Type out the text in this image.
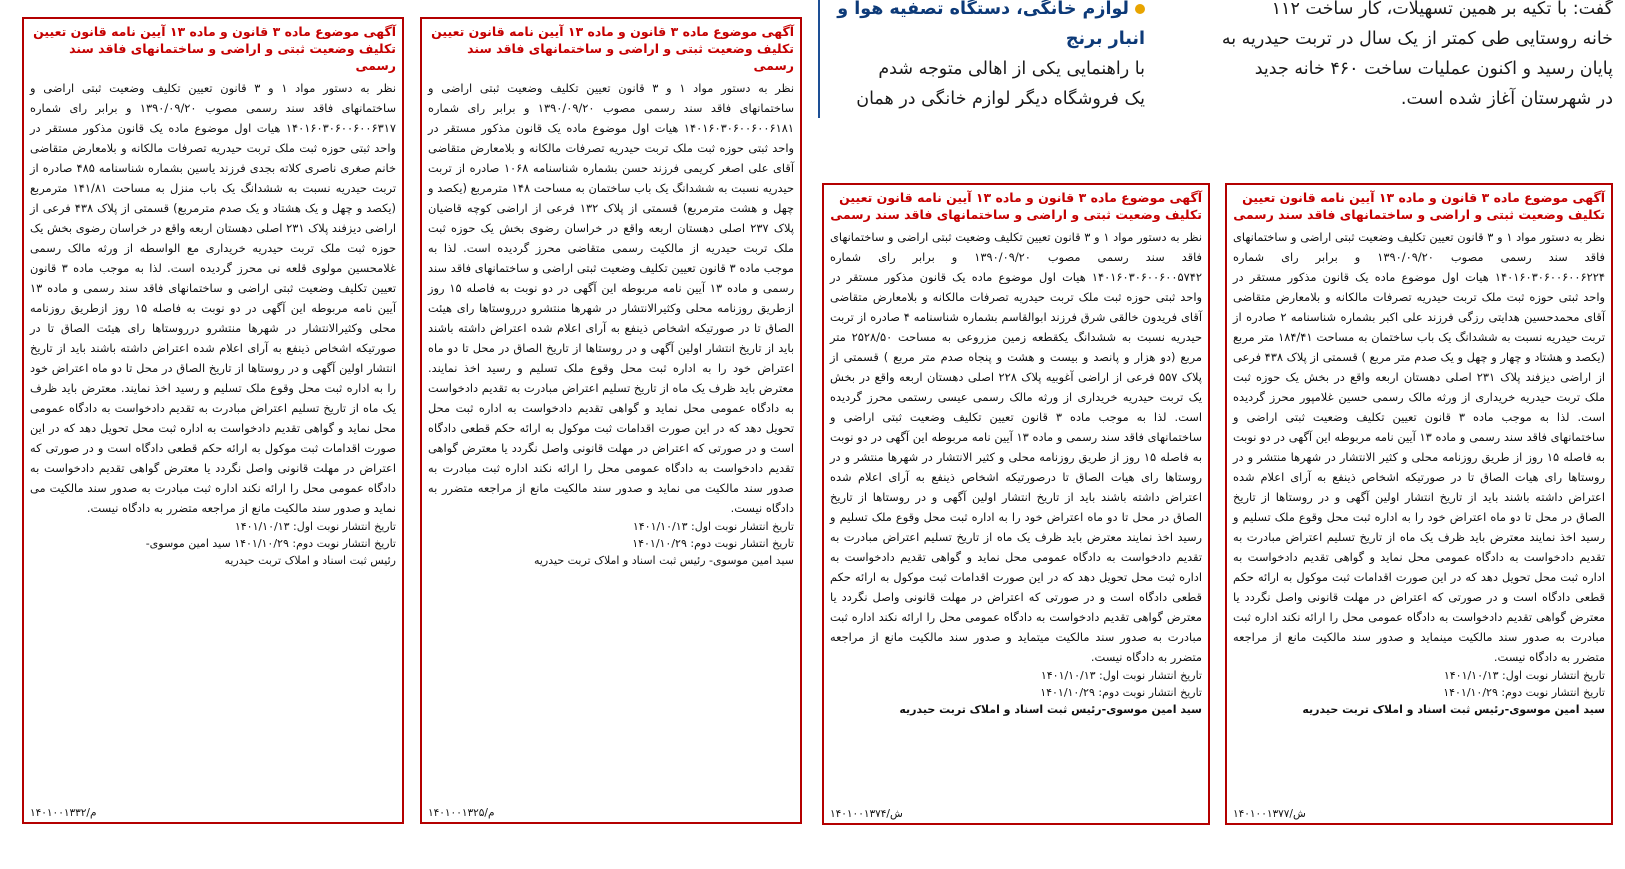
گفت: با تکیه بر همین تسهیلات، کار ساخت ۱۱۲
خانه روستایی طی کمتر از یک سال در تربت حیدریه به
پایان رسید و اکنون عملیات ساخت ۴۶۰ خانه جدید
در شهرستان آغاز شده است.
لوازم خانگی، دستگاه تصفیه هوا و
انبار برنج
با راهنمایی یکی از اهالی متوجه شدم
یک فروشگاه دیگر لوازم خانگی در همان
آگهی موضوع ماده ۳ قانون و ماده ۱۳ آیین نامه قانون تعیین تکلیف وضعیت ثبتی و اراضی و ساختمانهای فاقد سند رسمی
نظر به دستور مواد ۱ و ۳ قانون تعیین تکلیف وضعیت ثبتی اراضی و ساختمانهای فاقد سند رسمی مصوب ۱۳۹۰/۰۹/۲۰ و برابر رای شماره ۱۴۰۱۶۰۳۰۶۰۰۶۰۰۶۲۲۴ هیات اول موضوع ماده یک قانون مذکور مستقر در واحد ثبتی حوزه ثبت ملک تربت حیدریه تصرفات مالکانه و بلامعارض متقاضی آقای محمدحسین هدایتی رزگی فرزند علی اکبر بشماره شناسنامه ۲ صادره از تربت حیدریه نسبت به ششدانگ یک باب ساختمان به مساحت ۱۸۴/۴۱ متر مربع (یکصد و هشتاد و چهار و چهل و یک صدم متر مربع ) قسمتی از پلاک ۴۳۸ فرعی از اراضی دیزفند پلاک ۲۳۱ اصلی دهستان اربعه واقع در بخش یک حوزه ثبت ملک تربت حیدریه خریداری از ورثه مالک رسمی حسین غلامپور محرز گردیده است. لذا به موجب ماده ۳ قانون تعیین تکلیف وضعیت ثبتی اراضی و ساختمانهای فاقد سند رسمی و ماده ۱۳ آیین نامه مربوطه این آگهی در دو نوبت به فاصله ۱۵ روز از طریق روزنامه محلی و کثیر الانتشار در شهرها منتشر و در روستاها رای هیات الصاق تا در صورتیکه اشخاص ذینفع به آرای اعلام شده اعتراض داشته باشند باید از تاریخ انتشار اولین آگهی و در روستاها از تاریخ الصاق در محل تا دو ماه اعتراض خود را به اداره ثبت محل وقوع ملک تسلیم و رسید اخذ نمایند معترض باید ظرف یک ماه از تاریخ تسلیم اعتراض مبادرت به تقدیم دادخواست به دادگاه عمومی محل نماید و گواهی تقدیم دادخواست به اداره ثبت محل تحویل دهد که در این صورت اقدامات ثبت موکول به ارائه حکم قطعی دادگاه است و در صورتی که اعتراض در مهلت قانونی واصل نگردد یا معترض گواهی تقدیم دادخواست به دادگاه عمومی محل را ارائه نکند اداره ثبت مبادرت به صدور سند مالکیت مینماید و صدور سند مالکیت مانع از مراجعه متضرر به دادگاه نیست.
تاریخ انتشار نوبت اول: ۱۴۰۱/۱۰/۱۳
تاریخ انتشار نوبت دوم: ۱۴۰۱/۱۰/۲۹
سید امین موسوی-رئیس ثبت اسناد و املاک تربت حیدریه
۱۴۰۱۰۰۱۳۷۷/ش
آگهی موضوع ماده ۳ قانون و ماده ۱۳ آیین نامه قانون تعیین تکلیف وضعیت ثبتی و اراضی و ساختمانهای فاقد سند رسمی
نظر به دستور مواد ۱ و ۳ قانون تعیین تکلیف وضعیت ثبتی اراضی و ساختمانهای فاقد سند رسمی مصوب ۱۳۹۰/۰۹/۲۰ و برابر رای شماره ۱۴۰۱۶۰۳۰۶۰۰۶۰۰۵۷۴۲ هیات اول موضوع ماده یک قانون مذکور مستقر در واحد ثبتی حوزه ثبت ملک تربت حیدریه تصرفات مالکانه و بلامعارض متقاضی آقای فریدون خالقی شرق فرزند ابوالقاسم بشماره شناسنامه ۴ صادره از تربت حیدریه نسبت به ششدانگ یکقطعه زمین مزروعی به مساحت ۲۵۲۸/۵۰ متر مربع (دو هزار و پانصد و بیست و هشت و پنجاه صدم متر مربع ) قسمتی از پلاک ۵۵۷ فرعی از اراضی آغوبیه پلاک ۲۲۸ اصلی دهستان اربعه واقع در بخش یک تربت حیدریه خریداری از ورثه مالک رسمی عیسی رستمی محرز گردیده است. لذا به موجب ماده ۳ قانون تعیین تکلیف وضعیت ثبتی اراضی و ساختمانهای فاقد سند رسمی و ماده ۱۳ آیین نامه مربوطه این آگهی در دو نوبت به فاصله ۱۵ روز از طریق روزنامه محلی و کثیر الانتشار در شهرها منتشر و در روستاها رای هیات الصاق تا درصورتیکه اشخاص ذینفع به آرای اعلام شده اعتراض داشته باشند باید از تاریخ انتشار اولین آگهی و در روستاها از تاریخ الصاق در محل تا دو ماه اعتراض خود را به اداره ثبت محل وقوع ملک تسلیم و رسید اخذ نمایند معترض باید ظرف یک ماه از تاریخ تسلیم اعتراض مبادرت به تقدیم دادخواست به دادگاه عمومی محل نماید و گواهی تقدیم دادخواست به اداره ثبت محل تحویل دهد که در این صورت اقدامات ثبت موکول به ارائه حکم قطعی دادگاه است و در صورتی که اعتراض در مهلت قانونی واصل نگردد یا معترض گواهی تقدیم دادخواست به دادگاه عمومی محل را ارائه نکند اداره ثبت مبادرت به صدور سند مالکیت میتماید و صدور سند مالکیت مانع از مراجعه متضرر به دادگاه نیست.
تاریخ انتشار نوبت اول: ۱۴۰۱/۱۰/۱۳
تاریخ انتشار نوبت دوم: ۱۴۰۱/۱۰/۲۹
سید امین موسوی-رئیس ثبت اسناد و املاک تربت حیدریه
۱۴۰۱۰۰۱۳۷۴/ش
آگهی موضوع ماده ۳ قانون و ماده ۱۳ آیین نامه قانون تعیین تکلیف وضعیت ثبتی و اراضی و ساختمانهای فاقد سند رسمی
نظر به دستور مواد ۱ و ۳ قانون تعیین تکلیف وضعیت ثبتی اراضی و ساختمانهای فاقد سند رسمی مصوب ۱۳۹۰/۰۹/۲۰ و برابر رای شماره ۱۴۰۱۶۰۳۰۶۰۰۶۰۰۶۱۸۱ هیات اول موضوع ماده یک قانون مذکور مستقر در واحد ثبتی حوزه ثبت ملک تربت حیدریه تصرفات مالکانه و بلامعارض متقاضی آقای علی اصغر کریمی فرزند حسن بشماره شناسنامه ۱۰۶۸ صادره از تربت حیدریه نسبت به ششدانگ یک باب ساختمان به مساحت ۱۴۸ مترمربع (یکصد و چهل و هشت مترمربع) قسمتی از پلاک ۱۳۲ فرعی از اراضی کوچه قاضیان پلاک ۲۳۷ اصلی دهستان اربعه واقع در خراسان رضوی بخش یک حوزه ثبت ملک تربت حیدریه از مالکیت رسمی متقاضی محرز گردیده است. لذا به موجب ماده ۳ قانون تعیین تکلیف وضعیت ثبتی اراضی و ساختمانهای فاقد سند رسمی و ماده ۱۳ آیین نامه مربوطه این آگهی در دو نوبت به فاصله ۱۵ روز ازطریق روزنامه محلی وکثیرالانتشار در شهرها منتشرو درروستاها رای هیئت الصاق تا در صورتیکه اشخاص ذینفع به آرای اعلام شده اعتراض داشته باشند باید از تاریخ انتشار اولین آگهی و در روستاها از تاریخ الصاق در محل تا دو ماه اعتراض خود را به اداره ثبت محل وقوع ملک تسلیم و رسید اخذ نمایند. معترض باید ظرف یک ماه از تاریخ تسلیم اعتراض مبادرت به تقدیم دادخواست به دادگاه عمومی محل نماید و گواهی تقدیم دادخواست به اداره ثبت محل تحویل دهد که در این صورت اقدامات ثبت موکول به ارائه حکم قطعی دادگاه است و در صورتی که اعتراض در مهلت قانونی واصل نگردد یا معترض گواهی تقدیم دادخواست به دادگاه عمومی محل را ارائه نکند اداره ثبت مبادرت به صدور سند مالکیت می نماید و صدور سند مالکیت مانع از مراجعه متضرر به دادگاه نیست.
تاریخ انتشار نوبت اول: ۱۴۰۱/۱۰/۱۳
تاریخ انتشار نوبت دوم: ۱۴۰۱/۱۰/۲۹
سید امین موسوی- رئیس ثبت اسناد و املاک تربت حیدریه
۱۴۰۱۰۰۱۳۲۵/م
آگهی موضوع ماده ۳ قانون و ماده ۱۳ آیین نامه قانون تعیین تکلیف وضعیت ثبتی و اراضی و ساختمانهای فاقد سند رسمی
نظر به دستور مواد ۱ و ۳ قانون تعیین تکلیف وضعیت ثبتی اراضی و ساختمانهای فاقد سند رسمی مصوب ۱۳۹۰/۰۹/۲۰ و برابر رای شماره ۱۴۰۱۶۰۳۰۶۰۰۶۰۰۶۳۱۷ هیات اول موضوع ماده یک قانون مذکور مستقر در واحد ثبتی حوزه ثبت ملک تربت حیدریه تصرفات مالکانه و بلامعارض متقاضی خانم صغری ناصری کلاته بجدی فرزند یاسین بشماره شناسنامه ۴۸۵ صادره از تربت حیدریه نسبت به ششدانگ یک باب منزل به مساحت ۱۴۱/۸۱ مترمربع (یکصد و چهل و یک هشتاد و یک صدم مترمربع) قسمتی از پلاک ۴۳۸ فرعی از اراضی دیزفند پلاک ۲۳۱ اصلی دهستان اربعه واقع در خراسان رضوی بخش یک حوزه ثبت ملک تربت حیدریه خریداری مع الواسطه از ورثه مالک رسمی غلامحسین مولوی قلعه نی محرز گردیده است. لذا به موجب ماده ۳ قانون تعیین تکلیف وضعیت ثبتی اراضی و ساختمانهای فاقد سند رسمی و ماده ۱۳ آیین نامه مربوطه این آگهی در دو نوبت به فاصله ۱۵ روز ازطریق روزنامه محلی وکثیرالانتشار در شهرها منتشرو درروستاها رای هیئت الصاق تا در صورتیکه اشخاص ذینفع به آرای اعلام شده اعتراض داشته باشند باید از تاریخ انتشار اولین آگهی و در روستاها از تاریخ الصاق در محل تا دو ماه اعتراض خود را به اداره ثبت محل وقوع ملک تسلیم و رسید اخذ نمایند. معترض باید ظرف یک ماه از تاریخ تسلیم اعتراض مبادرت به تقدیم دادخواست به دادگاه عمومی محل نماید و گواهی تقدیم دادخواست به اداره ثبت محل تحویل دهد که در این صورت اقدامات ثبت موکول به ارائه حکم قطعی دادگاه است و در صورتی که اعتراض در مهلت قانونی واصل نگردد یا معترض گواهی تقدیم دادخواست به دادگاه عمومی محل را ارائه نکند اداره ثبت مبادرت به صدور سند مالکیت می نماید و صدور سند مالکیت مانع از مراجعه متضرر به دادگاه نیست.
تاریخ انتشار نوبت اول: ۱۴۰۱/۱۰/۱۳
تاریخ انتشار نوبت دوم: ۱۴۰۱/۱۰/۲۹ سید امین موسوی-
رئیس ثبت اسناد و املاک تربت حیدریه
۱۴۰۱۰۰۱۳۳۲/م
